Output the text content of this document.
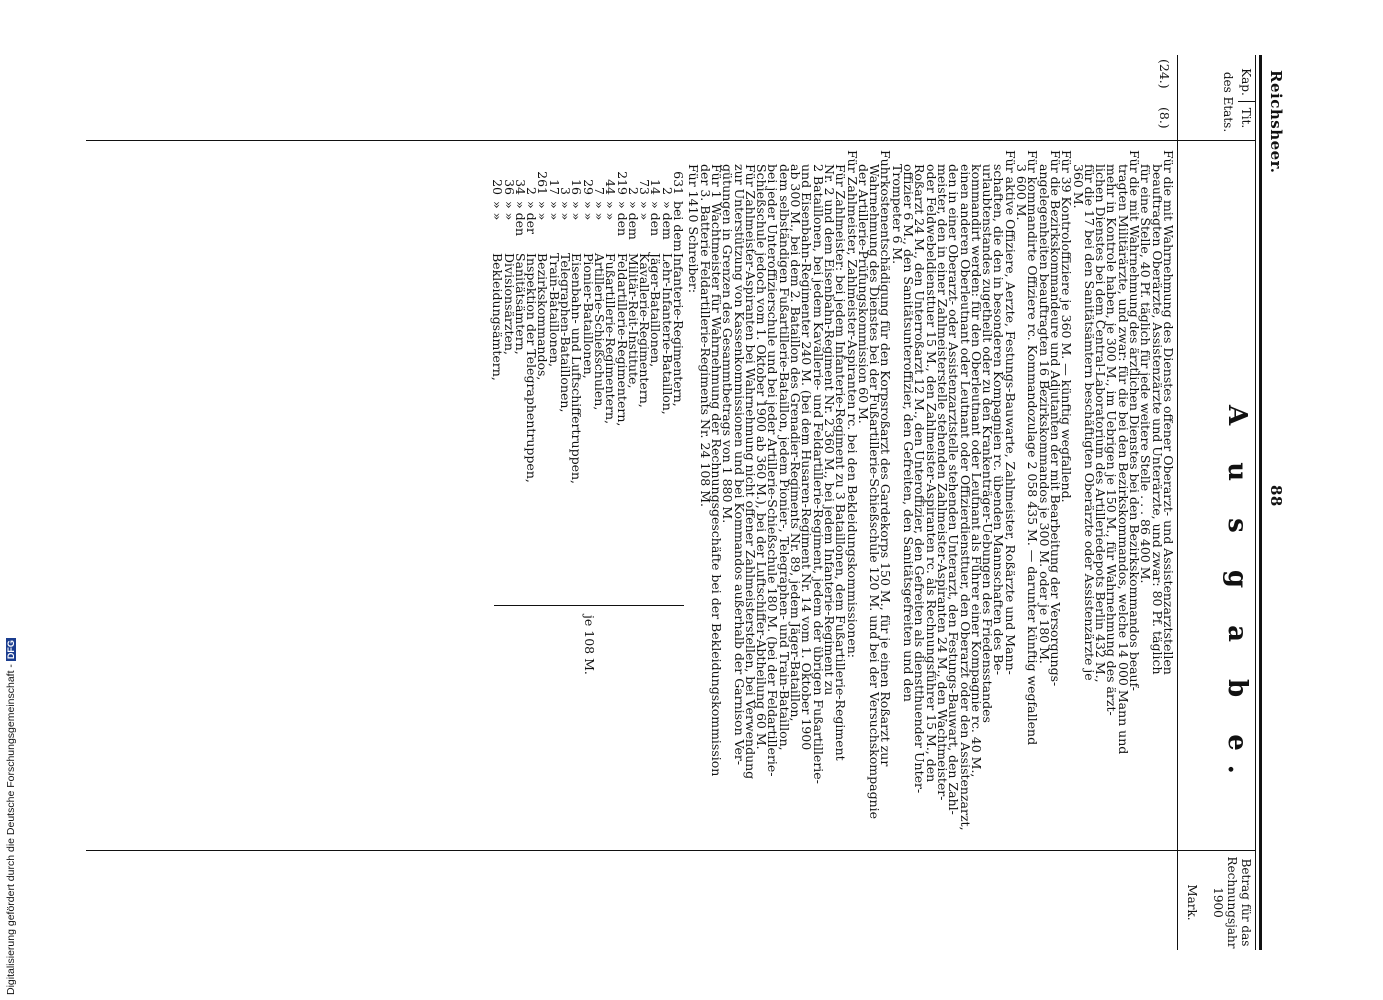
Reichsheer.
88
Kap.
Tit.
des Etats.
A u s g a b e.
Betrag für das Rechnungsjahr 1900
Mark.
(24.)
(8.)
Für die mit Wahrnehmung des Dienstes offener Oberarzt- und Assistenzarztstellen
beauftragten Oberärzte, Assistenzärzte und Unterärzte, und zwar: 80 Pf. täglich
für eine Stelle, 40 Pf. täglich für jede weitere Stelle . . . 86 400 M.
Für die mit Wahrnehmung des ärztlichen Dienstes bei den Bezirkskommandos beauf-
tragten Militärärzte, und zwar: für die bei den Bezirkskommandos, welche 14 000 Mann und
mehr in Kontrole haben, je 300 M., im Uebrigen je 150 M., für Wahrnehmung des ärzt-
lichen Dienstes bei dem Central-Laboratorium des Artilleriedepots Berlin 432 M.,
für die 17 bei den Sanitätsämtern beschäftigten Oberärzte oder Assistenzärzte je
360 M.
Für 39 Kontroloffiziere je 360 M. — künftig wegfallend.
Für die Bezirkskommandeure und Adjutanten der mit Bearbeitung der Versorgungs-
angelegenheiten beauftragten 16 Bezirkskommandos je 300 M. oder je 180 M.
Für kommandirte Offiziere rc. Kommandozulage 2 058 435 M. — darunter künftig wegfallend
3 600 M.
Für aktive Offiziere, Aerzte, Festungs-Bauwarte, Zahlmeister, Roßärzte und Mann-
schaften, die den in besonderen Kompagnien rc. übenden Mannschaften des Be-
urlaubtenstandes zugetheilt oder zu den Krankenträger-Uebungen des Friedensstandes
kommandirt werden: für den Oberleutnant oder Leutnant als Führer einer Kompagnie rc. 40 M.,
einen anderen Oberleutnant oder Leutnant oder Offizierdiensttuer, den Oberarzt oder den Assistenzarzt,
den in einer Oberarzt- oder Assistenzarztstelle stehenden Unterarzt, den Festungs-Bauwart, den Zahl-
meister, den in einer Zahlmeisterstelle stehenden Zahlmeister-Aspiranten 24 M., den Wachtmeister-
oder Feldwebeldiensttuer 15 M., den Zahlmeister-Aspiranten rc. als Rechnungsführer 15 M., den
Roßarzt 24 M., den Unterroßarzt 12 M., den Unteroffizier, den Gefreiten als dienstthuender Unter-
offizier 6 M., den Sanitätsunteroffizier, den Gefreiten, den Sanitätsgefreiten und den
Trompeter 6 M.
Fuhrkostenentschädigung für den Korpsroßarzt des Gardekorps 150 M., für je einen Roßarzt zur
Wahrnehmung des Dienstes bei der Fußartillerie-Schießschule 120 M. und bei der Versuchskompagnie
der Artillerie-Prüfungskommission 60 M.
Für Zahlmeister, Zahlmeister-Aspiranten rc. bei den Bekleidungskommissionen:
Für Zahlmeister: bei jedem Infanterie-Regiment zu 3 Bataillonen, dem Fußartillerie-Regiment
Nr. 2 und dem Eisenbahn-Regiment Nr. 2 360 M., bei jedem Infanterie-Regiment zu
2 Bataillonen, bei jedem Kavallerie- und Feldartillerie-Regiment, jedem der übrigen Fußartillerie-
und Eisenbahn-Regimenter 240 M. (bei dem Husaren-Regiment Nr. 14 vom 1. Oktober 1900
ab 300 M., bei dem 2. Bataillon des Grenadier-Regiments Nr. 89, jedem Jäger-Bataillon,
dem selbständigen Fußartillerie-Bataillon, jedem Pionier-, Telegraphen- und Train-Bataillon,
bei jeder Unteroffizierschule und bei jeder Artillerie-Schießschule 180 M. (bei der Feldartillerie-
Schießschule jedoch vom 1. Oktober 1900 ab 360 M.), bei der Luftschiffer-Abtheilung 60 M.
Für Zahlmeister-Aspiranten bei Wahrnehmung nicht offener Zahlmeisterstellen, bei Verwendung
zur Unterstützung von Kassenkommissionen und bei Kommandos außerhalb der Garnison Ver-
gütungen in Grenzen des Gesammtbetrags von 1 880 M.
Für 1 Wachtmeister für Wahrnehmung der Rechnungsgeschäfte bei der Bekleidungskommission
der 3. Batterie Feldartillerie-Regiments Nr. 24 108 M.
Für 1410 Schreiber:
631bei demInfanterie-Regimentern,
2» demLehr-Infanterie-Bataillon,
14» denJäger-Bataillonen,
73» »Kavallerie-Regimentern,
2» demMilitär-Reit-Institute,
219» denFeldartillerie-Regimentern,
44» »Fußartillerie-Regimentern,
7» »Artillerie-Schießschulen,
29» »Pionier-Bataillonen,
16» »Eisenbahn- und Luftschiffertruppen,
3» »Telegraphen-Bataillonen,
17» »Train-Bataillonen,
261» »Bezirkskommandos,
2» derInspektion der Telegraphentruppen,
34» denSanitätsämtern,
36» »Divisionsärzten,
20» »Bekleidungsämtern,
je 108 M.
Digitalisierung gefördert durch die Deutsche Forschungsgemeinschaft -DFG
